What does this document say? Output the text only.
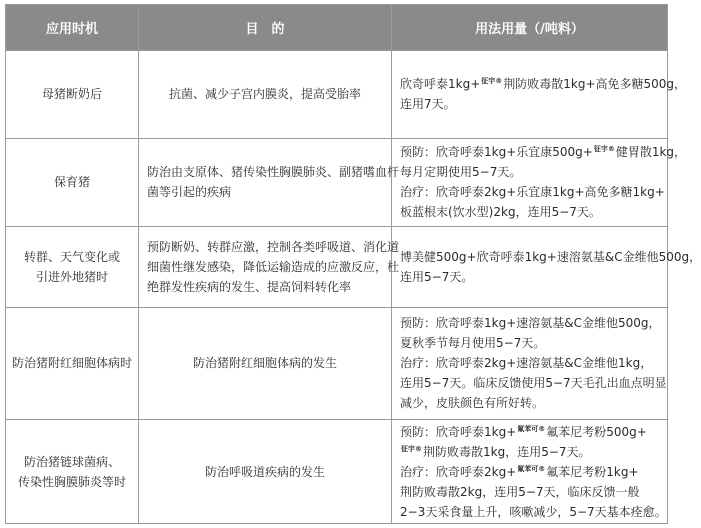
应用时机	目　的	用法用量（/吨料）

母猪断奶后	抗菌、减少子宫内膜炎，提高受胎率	欣奇呼泰1kg+$^{征宇®}$荆防败毒散1kg+高免多糖500g，
连用7天。

保育猪	防治由支原体、猪传染性胸膜肺炎、副猪嗜血杆
菌等引起的疾病	预防：欣奇呼泰1kg+乐宜康500g+$^{征宇®}$健胃散1kg，
每月定期使用5−7天。
治疗：欣奇呼泰2kg+乐宜康1kg+高免多糖1kg+
板蓝根末(饮水型)2kg，连用5−7天。

转群、天气变化或
引进外地猪时	预防断奶、转群应激，控制各类呼吸道、消化道
细菌性继发感染，降低运输造成的应激反应，杜
绝群发性疾病的发生、提高饲料转化率	博美健500g+欣奇呼泰1kg+速溶氨基&C金维他500g，
连用5−7天。

防治猪附红细胞体病时	防治猪附红细胞体病的发生	预防：欣奇呼泰1kg+速溶氨基&C金维他500g，
夏秋季节每月使用5−7天。
治疗：欣奇呼泰2kg+速溶氨基&C金维他1kg，
连用5−7天。临床反馈使用5−7天毛孔出血点明显
减少，皮肤颜色有所好转。

防治猪链球菌病、
传染性胸膜肺炎等时	防治呼吸道疾病的发生	预防：欣奇呼泰1kg+$^{氟苯可®}$氟苯尼考粉500g+
$^{征宇®}$荆防败毒散1kg，连用5−7天。
治疗：欣奇呼泰2kg+$^{氟苯可®}$氟苯尼考粉1kg+
荆防败毒散2kg，连用5−7天，临床反馈一般
2−3天采食量上升，咳嗽减少，5−7天基本痊愈。
